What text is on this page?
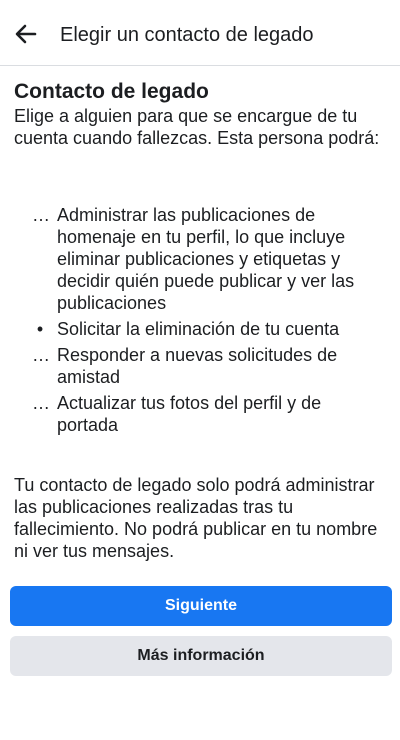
Elegir un contacto de legado
Contacto de legado

Elige a alguien para que se encargue de tu cuenta cuando fallezcas. Esta persona podrá:

… Administrar las publicaciones de homenaje en tu perfil, lo que incluye eliminar publicaciones y etiquetas y decidir quién puede publicar y ver las publicaciones
• Solicitar la eliminación de tu cuenta
… Responder a nuevas solicitudes de amistad
… Actualizar tus fotos del perfil y de portada

Tu contacto de legado solo podrá administrar las publicaciones realizadas tras tu fallecimiento. No podrá publicar en tu nombre ni ver tus mensajes.

Siguiente
Más información
